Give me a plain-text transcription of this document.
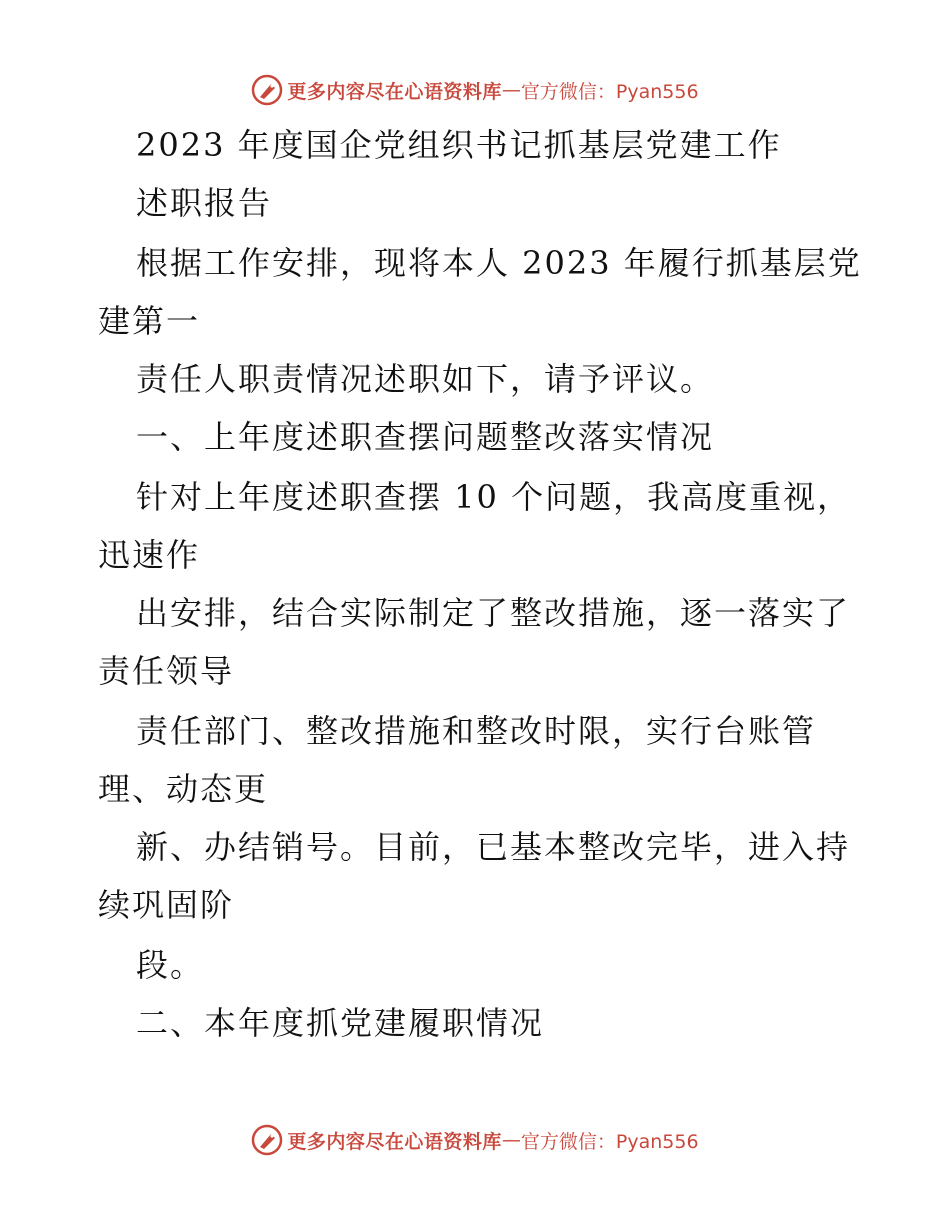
更多内容尽在心语资料库 — 官方微信：Pyan556
2023 年度国企党组织书记抓基层党建工作
述职报告
根据工作安排，现将本人 2023 年履行抓基层党
建第一
责任人职责情况述职如下，请予评议。
一、上年度述职查摆问题整改落实情况
针对上年度述职查摆 10 个问题，我高度重视，
迅速作
出安排，结合实际制定了整改措施，逐一落实了
责任领导
责任部门、整改措施和整改时限，实行台账管
理、动态更
新、办结销号。目前，已基本整改完毕，进入持
续巩固阶
段。
二、本年度抓党建履职情况
更多内容尽在心语资料库 — 官方微信：Pyan556
